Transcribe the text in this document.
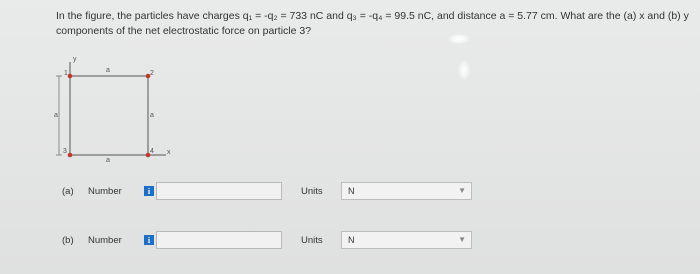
In the figure, the particles have charges q₁ = -q₂ = 733 nC and q₃ = -q₄ = 99.5 nC, and distance a = 5.77 cm. What are the (a) x and (b) y
components of the net electrostatic force on particle 3?
1	2
3	4
y
x
a
a
a
a
(a)	Number	i	Units	N	▼
(b)	Number	i	Units	N	▼
